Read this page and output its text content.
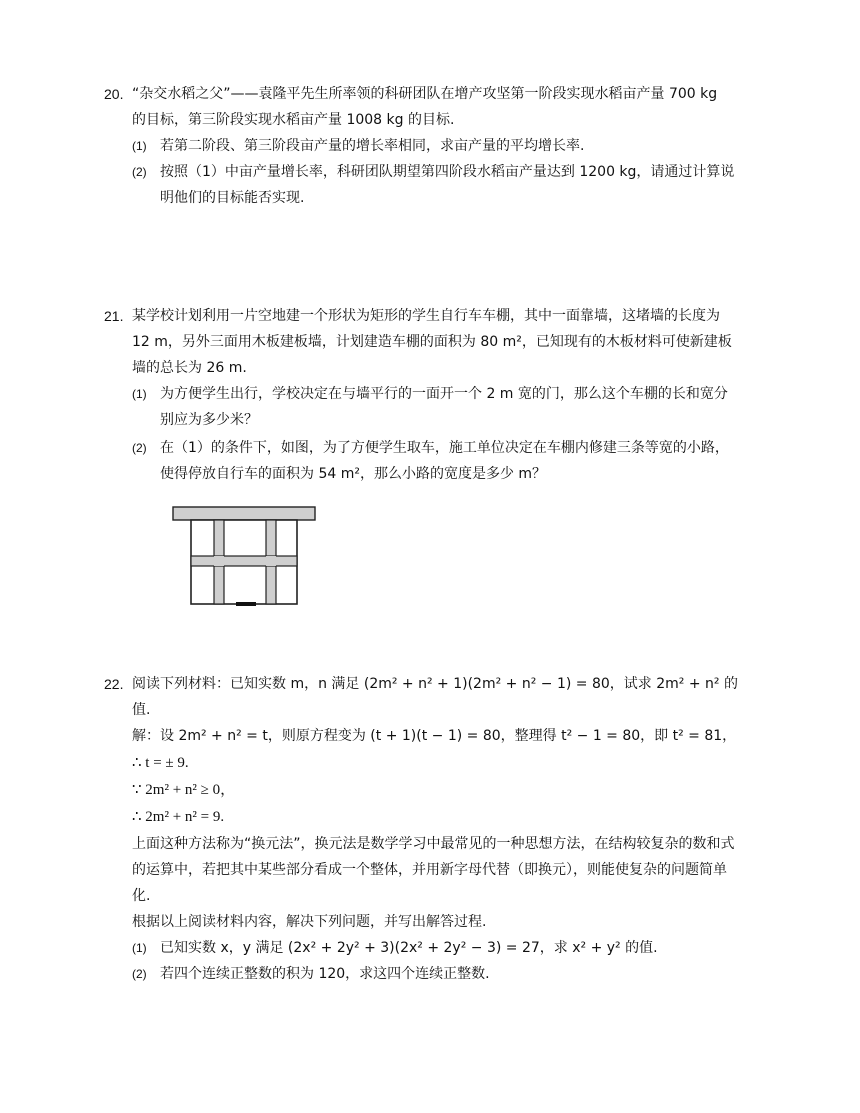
20. “杂交水稻之父”——袁隆平先生所率领的科研团队在增产攻坚第一阶段实现水稻亩产量 700 kg
的目标，第三阶段实现水稻亩产量 1008 kg 的目标.
(1) 若第二阶段、第三阶段亩产量的增长率相同，求亩产量的平均增长率.
(2) 按照（1）中亩产量增长率，科研团队期望第四阶段水稻亩产量达到 1200 kg，请通过计算说
明他们的目标能否实现.
21. 某学校计划利用一片空地建一个形状为矩形的学生自行车车棚，其中一面靠墙，这堵墙的长度为
12 m，另外三面用木板建板墙，计划建造车棚的面积为 80 m²，已知现有的木板材料可使新建板
墙的总长为 26 m.
(1) 为方便学生出行，学校决定在与墙平行的一面开一个 2 m 宽的门，那么这个车棚的长和宽分
别应为多少米？
(2) 在（1）的条件下，如图，为了方便学生取车，施工单位决定在车棚内修建三条等宽的小路，
使得停放自行车的面积为 54 m²，那么小路的宽度是多少 m？
22. 阅读下列材料：已知实数 m，n 满足 (2m² + n² + 1)(2m² + n² − 1) = 80，试求 2m² + n² 的
值.
解：设 2m² + n² = t，则原方程变为 (t + 1)(t − 1) = 80，整理得 t² − 1 = 80，即 t² = 81，
∴ t = ± 9.
∵ 2m² + n² ≥ 0，
∴ 2m² + n² = 9.
上面这种方法称为“换元法”，换元法是数学学习中最常见的一种思想方法，在结构较复杂的数和式
的运算中，若把其中某些部分看成一个整体，并用新字母代替（即换元），则能使复杂的问题简单
化.
根据以上阅读材料内容，解决下列问题，并写出解答过程.
(1) 已知实数 x，y 满足 (2x² + 2y² + 3)(2x² + 2y² − 3) = 27，求 x² + y² 的值.
(2) 若四个连续正整数的积为 120，求这四个连续正整数.
